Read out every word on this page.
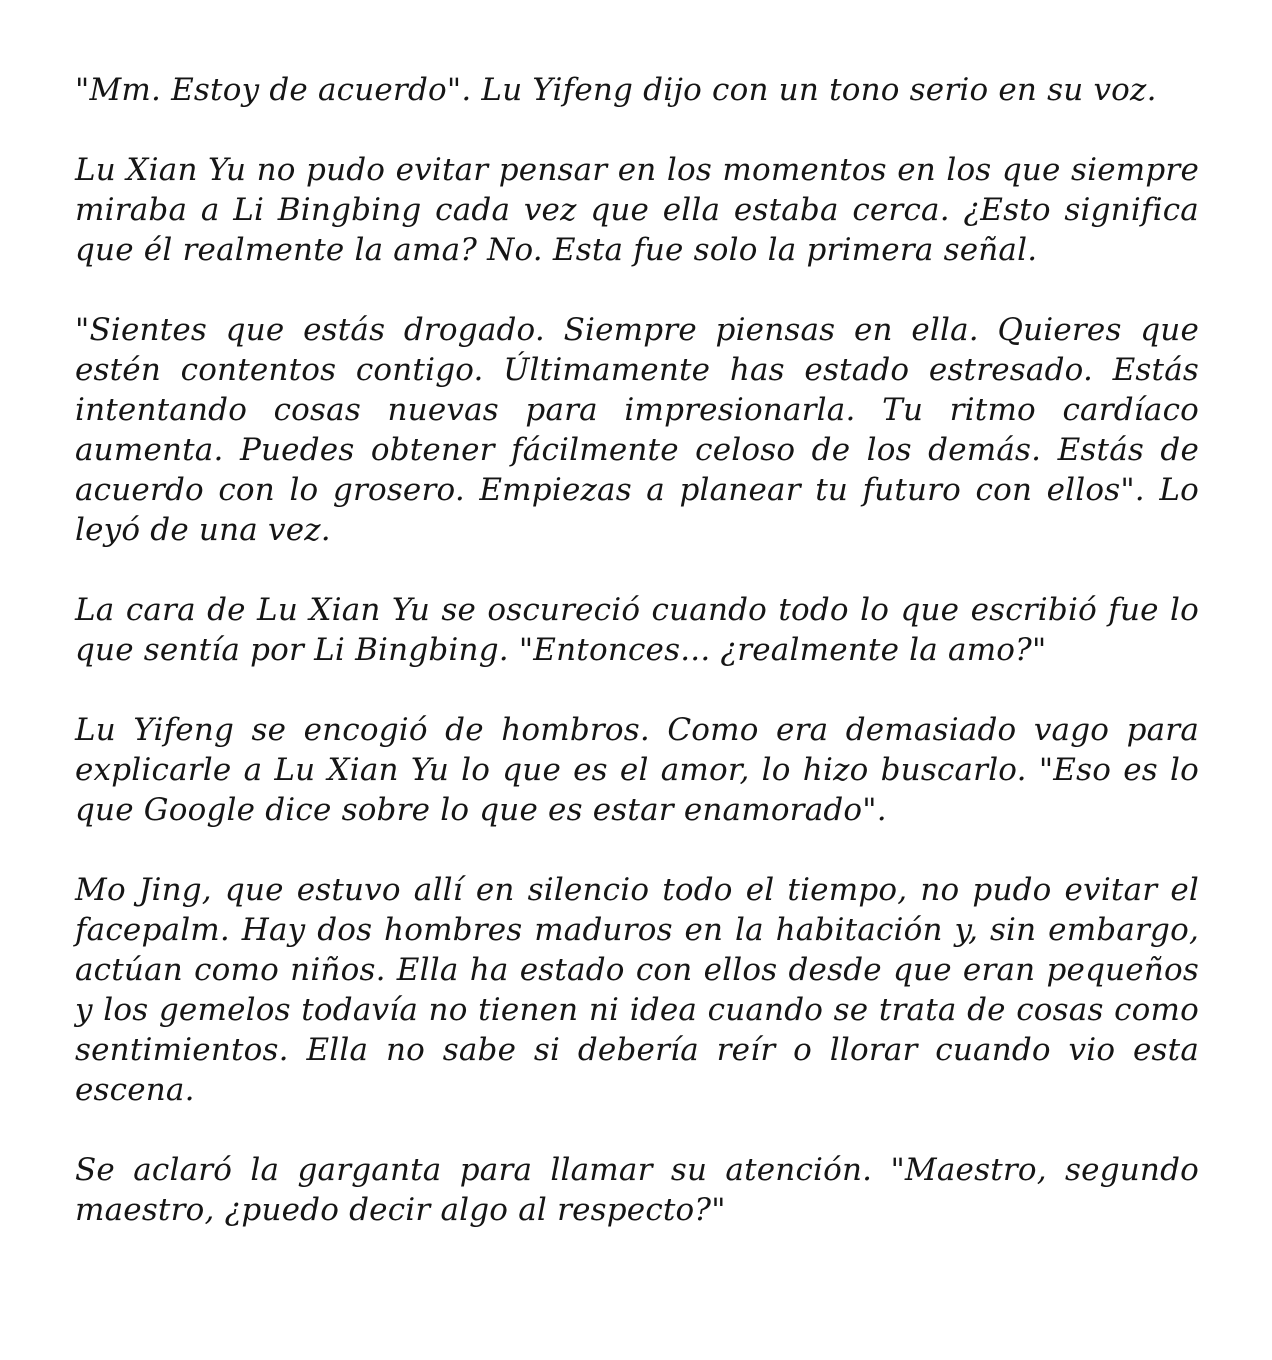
"Mm. Estoy de acuerdo". Lu Yifeng dijo con un tono serio en su voz.

Lu Xian Yu no pudo evitar pensar en los momentos en los que siempre miraba a Li Bingbing cada vez que ella estaba cerca. ¿Esto significa que él realmente la ama? No. Esta fue solo la primera señal.

"Sientes que estás drogado. Siempre piensas en ella. Quieres que estén contentos contigo. Últimamente has estado estresado. Estás intentando cosas nuevas para impresionarla. Tu ritmo cardíaco aumenta. Puedes obtener fácilmente celoso de los demás. Estás de acuerdo con lo grosero. Empiezas a planear tu futuro con ellos". Lo leyó de una vez.

La cara de Lu Xian Yu se oscureció cuando todo lo que escribió fue lo que sentía por Li Bingbing. "Entonces... ¿realmente la amo?"

Lu Yifeng se encogió de hombros. Como era demasiado vago para explicarle a Lu Xian Yu lo que es el amor, lo hizo buscarlo. "Eso es lo que Google dice sobre lo que es estar enamorado".

Mo Jing, que estuvo allí en silencio todo el tiempo, no pudo evitar el facepalm. Hay dos hombres maduros en la habitación y, sin embargo, actúan como niños. Ella ha estado con ellos desde que eran pequeños y los gemelos todavía no tienen ni idea cuando se trata de cosas como sentimientos. Ella no sabe si debería reír o llorar cuando vio esta escena.

Se aclaró la garganta para llamar su atención. "Maestro, segundo maestro, ¿puedo decir algo al respecto?"
